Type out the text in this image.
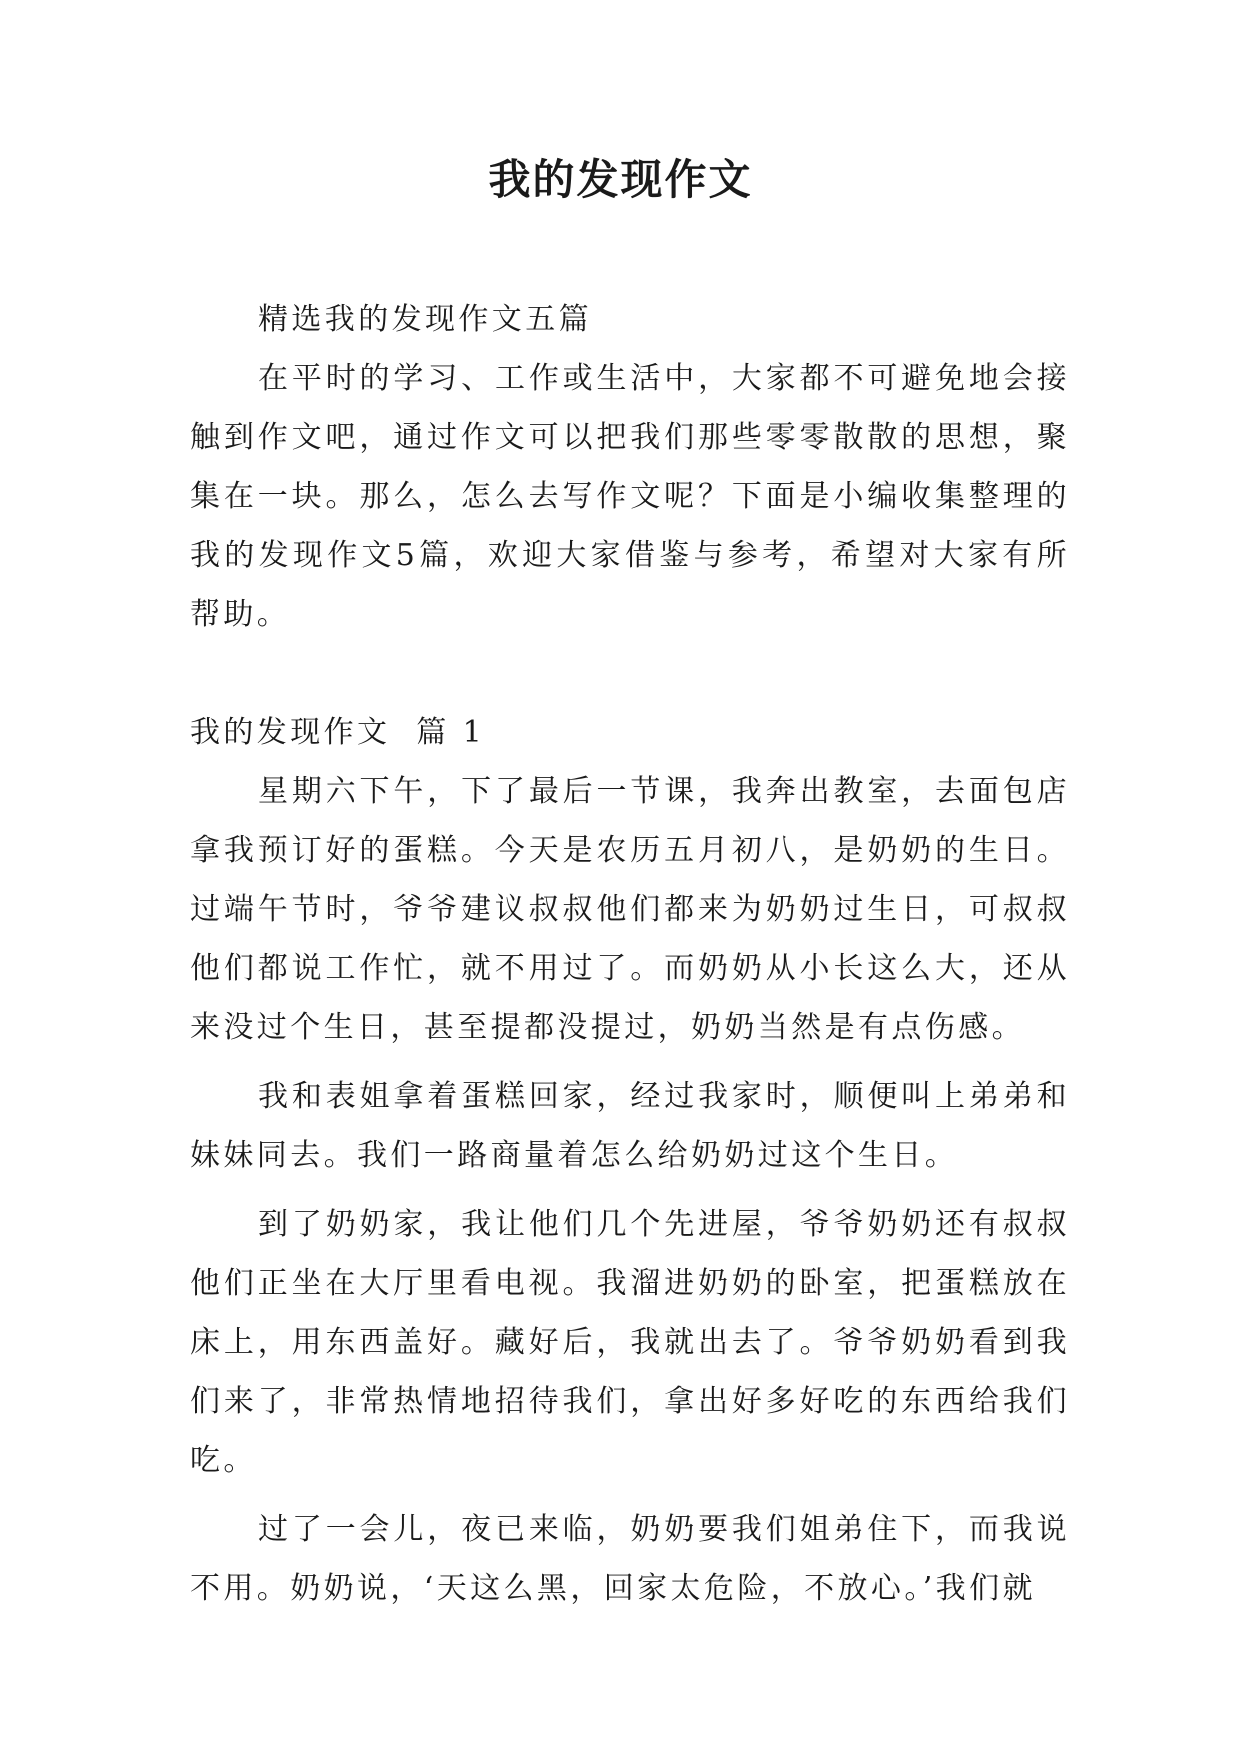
我的发现作文

精选我的发现作文五篇

在平时的学习、工作或生活中，大家都不可避免地会接触到作文吧，通过作文可以把我们那些零零散散的思想，聚集在一块。那么，怎么去写作文呢？下面是小编收集整理的我的发现作文5篇，欢迎大家借鉴与参考，希望对大家有所帮助。

我的发现作文  篇 1

星期六下午，下了最后一节课，我奔出教室，去面包店拿我预订好的蛋糕。今天是农历五月初八，是奶奶的生日。过端午节时，爷爷建议叔叔他们都来为奶奶过生日，可叔叔他们都说工作忙，就不用过了。而奶奶从小长这么大，还从来没过个生日，甚至提都没提过，奶奶当然是有点伤感。

我和表姐拿着蛋糕回家，经过我家时，顺便叫上弟弟和妹妹同去。我们一路商量着怎么给奶奶过这个生日。

到了奶奶家，我让他们几个先进屋，爷爷奶奶还有叔叔他们正坐在大厅里看电视。我溜进奶奶的卧室，把蛋糕放在床上，用东西盖好。藏好后，我就出去了。爷爷奶奶看到我们来了，非常热情地招待我们，拿出好多好吃的东西给我们吃。

过了一会儿，夜已来临，奶奶要我们姐弟住下，而我说不用。奶奶说，‘天这么黑，回家太危险，不放心。’我们就
